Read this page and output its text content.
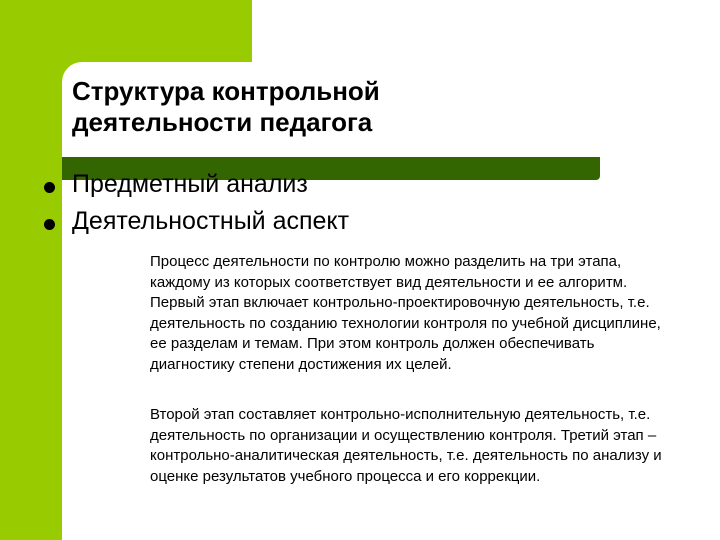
Структура контрольной
деятельности педагога
Предметный анализ
Деятельностный аспект

Процесс деятельности по контролю можно разделить на три этапа, каждому из которых соответствует вид деятельности и ее алгоритм. Первый этап включает контрольно-проектировочную деятельность, т.е. деятельность по созданию технологии контроля по учебной дисциплине, ее разделам и темам. При этом контроль должен обеспечивать диагностику степени достижения их целей.

Второй этап составляет контрольно-исполнительную деятельность, т.е. деятельность по организации и осуществлению контроля. Третий этап – контрольно-аналитическая деятельность, т.е. деятельность по анализу и оценке результатов учебного процесса и его коррекции.
